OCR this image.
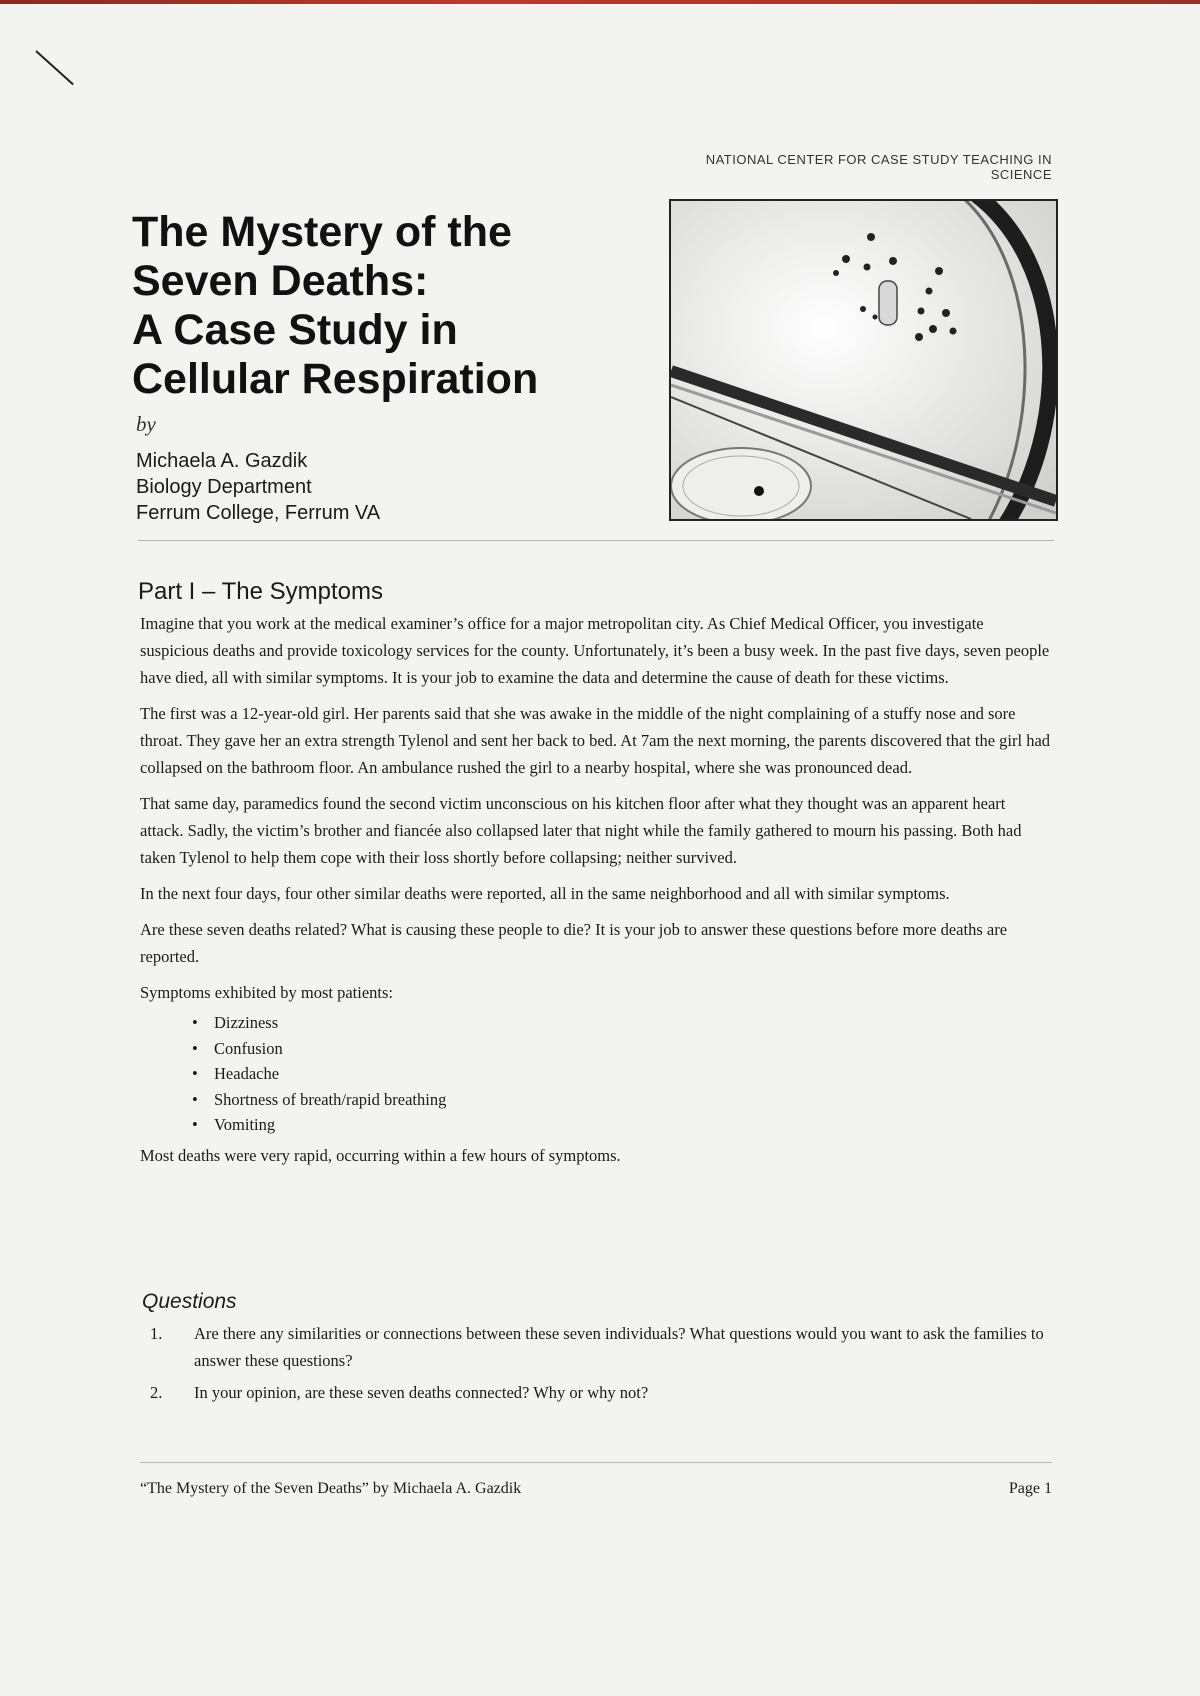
NATIONAL CENTER FOR CASE STUDY TEACHING IN SCIENCE
The Mystery of the
Seven Deaths:
A Case Study in
Cellular Respiration
by
Michaela A. Gazdik
Biology Department
Ferrum College, Ferrum VA
Part I – The Symptoms

Imagine that you work at the medical examiner’s office for a major metropolitan city. As Chief Medical Officer, you investigate suspicious deaths and provide toxicology services for the county. Unfortunately, it’s been a busy week. In the past five days, seven people have died, all with similar symptoms. It is your job to examine the data and determine the cause of death for these victims.

The first was a 12-year-old girl. Her parents said that she was awake in the middle of the night complaining of a stuffy nose and sore throat. They gave her an extra strength Tylenol and sent her back to bed. At 7am the next morning, the parents discovered that the girl had collapsed on the bathroom floor. An ambulance rushed the girl to a nearby hospital, where she was pronounced dead.

That same day, paramedics found the second victim unconscious on his kitchen floor after what they thought was an apparent heart attack. Sadly, the victim’s brother and fiancée also collapsed later that night while the family gathered to mourn his passing. Both had taken Tylenol to help them cope with their loss shortly before collapsing; neither survived.

In the next four days, four other similar deaths were reported, all in the same neighborhood and all with similar symptoms.

Are these seven deaths related? What is causing these people to die? It is your job to answer these questions before more deaths are reported.

Symptoms exhibited by most patients:

• Dizziness
• Confusion
• Headache
• Shortness of breath/rapid breathing
• Vomiting

Most deaths were very rapid, occurring within a few hours of symptoms.

Questions
1. Are there any similarities or connections between these seven individuals? What questions would you want to ask the families to answer these questions?
2. In your opinion, are these seven deaths connected? Why or why not?
“The Mystery of the Seven Deaths” by Michaela A. Gazdik	Page 1
